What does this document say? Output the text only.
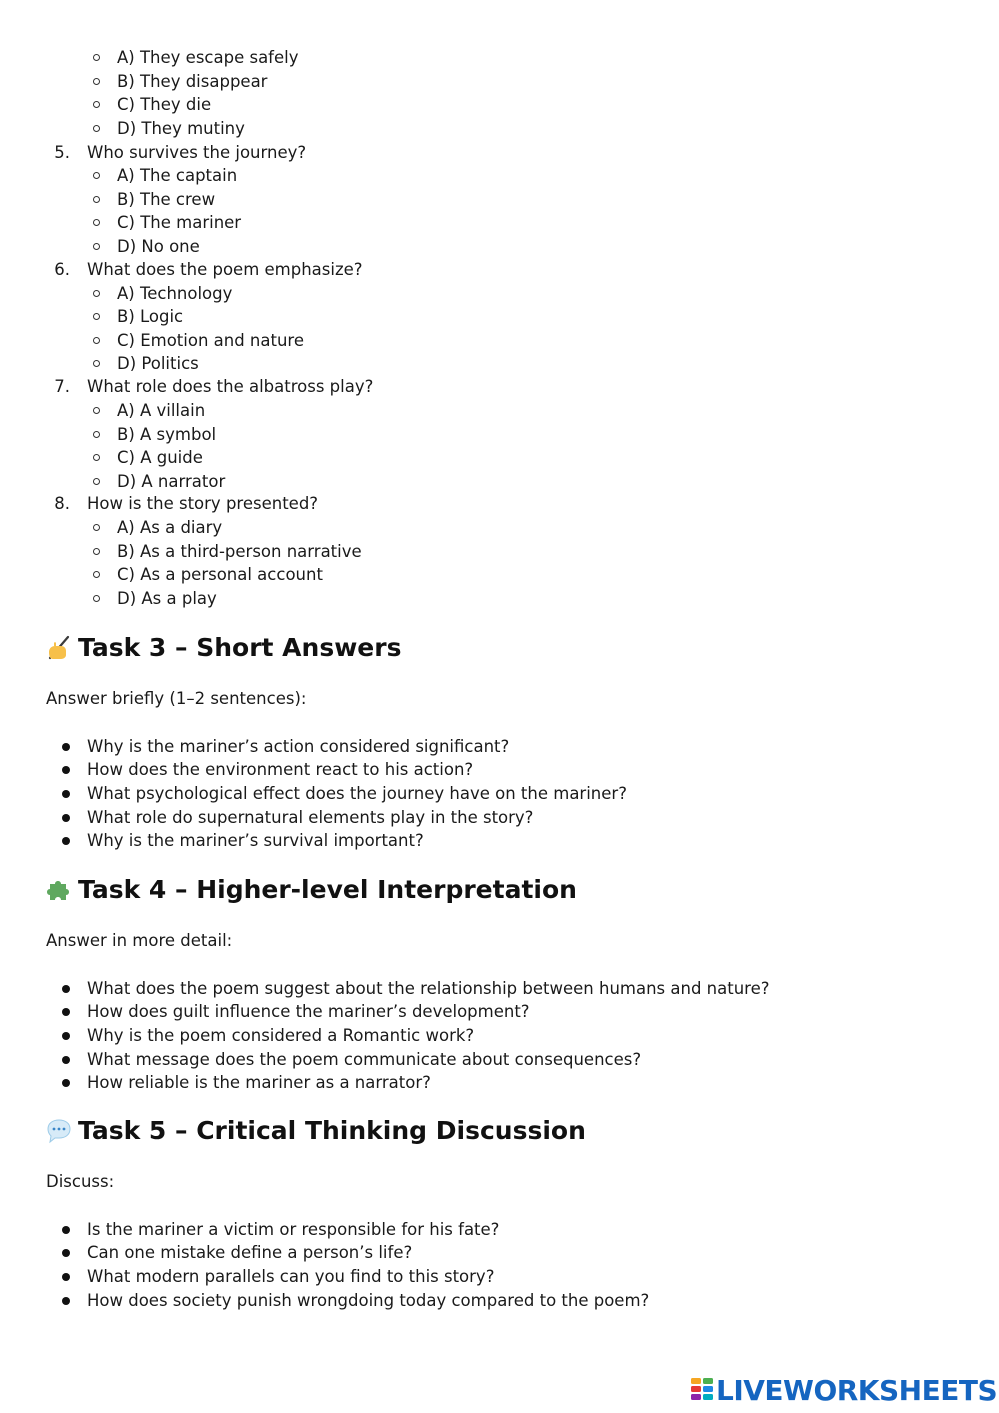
A) They escape safely
B) They disappear
C) They die
D) They mutiny
5. Who survives the journey?
A) The captain
B) The crew
C) The mariner
D) No one
6. What does the poem emphasize?
A) Technology
B) Logic
C) Emotion and nature
D) Politics
7. What role does the albatross play?
A) A villain
B) A symbol
C) A guide
D) A narrator
8. How is the story presented?
A) As a diary
B) As a third-person narrative
C) As a personal account
D) As a play
Task 3 – Short Answers
Answer briefly (1–2 sentences):
Why is the mariner’s action considered significant?
How does the environment react to his action?
What psychological effect does the journey have on the mariner?
What role do supernatural elements play in the story?
Why is the mariner’s survival important?
Task 4 – Higher-level Interpretation
Answer in more detail:
What does the poem suggest about the relationship between humans and nature?
How does guilt influence the mariner’s development?
Why is the poem considered a Romantic work?
What message does the poem communicate about consequences?
How reliable is the mariner as a narrator?
Task 5 – Critical Thinking Discussion
Discuss:
Is the mariner a victim or responsible for his fate?
Can one mistake define a person’s life?
What modern parallels can you find to this story?
How does society punish wrongdoing today compared to the poem?
LIVEWORKSHEETS
